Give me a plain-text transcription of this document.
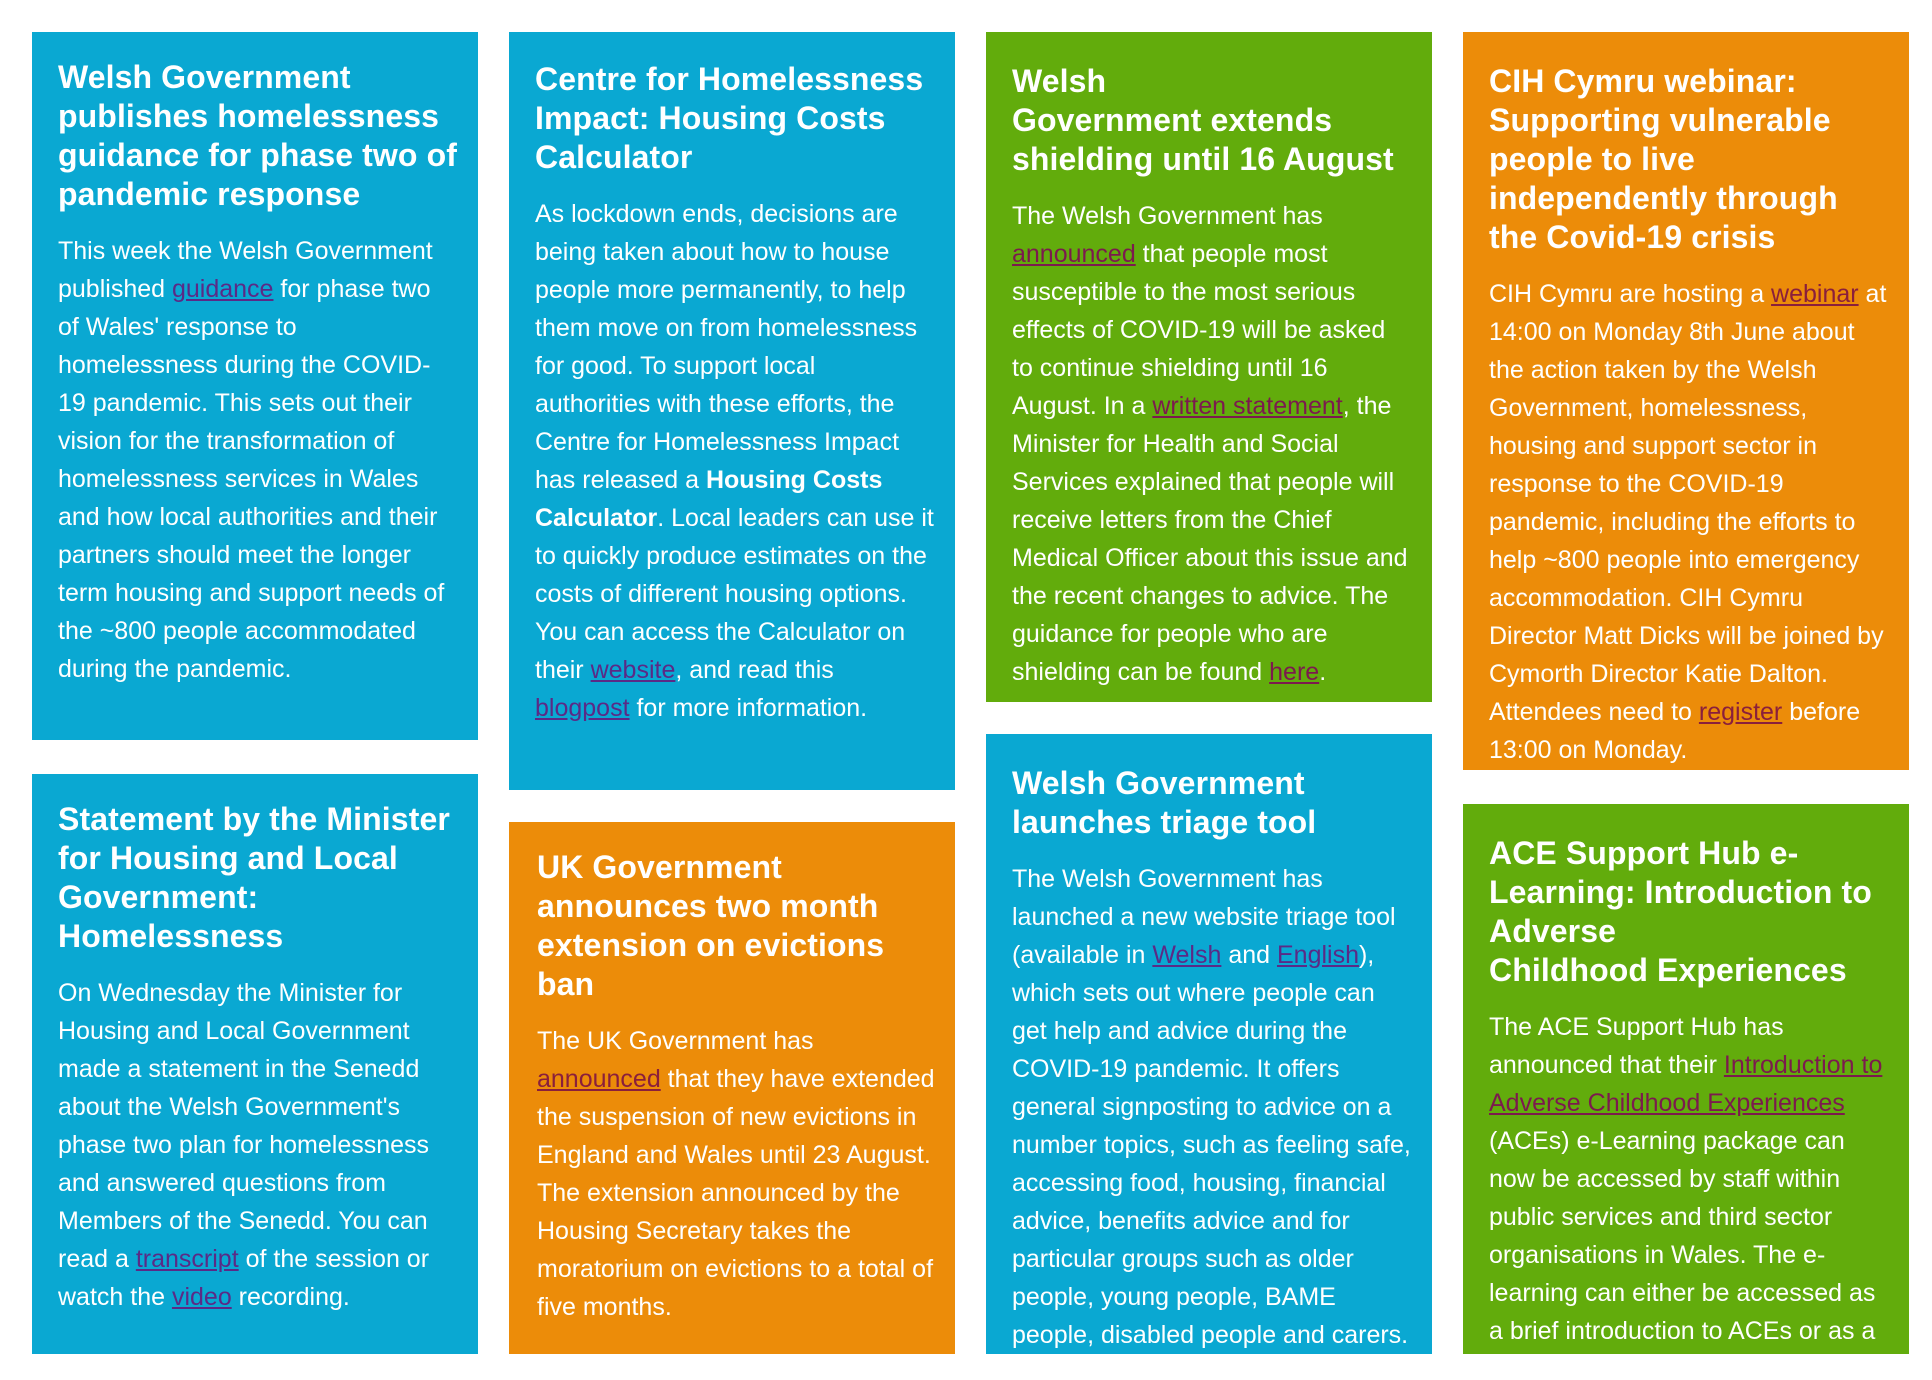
Welsh Government publishes homelessness guidance for phase two of pandemic response

This week the Welsh Government published guidance for phase two of Wales' response to homelessness during the COVID-19 pandemic. This sets out their vision for the transformation of homelessness services in Wales and how local authorities and their partners should meet the longer term housing and support needs of the ~800 people accommodated during the pandemic.

Centre for Homelessness Impact: Housing Costs Calculator

As lockdown ends, decisions are being taken about how to house people more permanently, to help them move on from homelessness for good. To support local authorities with these efforts, the Centre for Homelessness Impact has released a Housing Costs Calculator. Local leaders can use it to quickly produce estimates on the costs of different housing options. You can access the Calculator on their website, and read this blogpost for more information.

Welsh
Government extends shielding until 16 August

The Welsh Government has announced that people most susceptible to the most serious effects of COVID-19 will be asked to continue shielding until 16 August. In a written statement, the Minister for Health and Social Services explained that people will receive letters from the Chief Medical Officer about this issue and the recent changes to advice. The guidance for people who are shielding can be found here.

CIH Cymru webinar: Supporting vulnerable people to live independently through the Covid-19 crisis

CIH Cymru are hosting a webinar at 14:00 on Monday 8th June about the action taken by the Welsh Government, homelessness, housing and support sector in response to the COVID-19 pandemic, including the efforts to help ~800 people into emergency accommodation. CIH Cymru Director Matt Dicks will be joined by Cymorth Director Katie Dalton. Attendees need to register before 13:00 on Monday.

Statement by the Minister for Housing and Local Government: Homelessness

On Wednesday the Minister for Housing and Local Government made a statement in the Senedd about the Welsh Government's phase two plan for homelessness and answered questions from Members of the Senedd. You can read a transcript of the session or watch the video recording.

UK Government announces two month extension on evictions ban

The UK Government has announced that they have extended the suspension of new evictions in England and Wales until 23 August. The extension announced by the Housing Secretary takes the moratorium on evictions to a total of five months.

Welsh Government launches triage tool

The Welsh Government has launched a new website triage tool (available in Welsh and English), which sets out where people can get help and advice during the COVID-19 pandemic. It offers general signposting to advice on a number topics, such as feeling safe, accessing food, housing, financial advice, benefits advice and for particular groups such as older people, young people, BAME people, disabled people and carers.

ACE Support Hub e-Learning: Introduction to Adverse
Childhood Experiences

The ACE Support Hub has announced that their Introduction to Adverse Childhood Experiences (ACEs) e-Learning package can now be accessed by staff within public services and third sector organisations in Wales. The e-learning can either be accessed as a brief introduction to ACEs or as a
